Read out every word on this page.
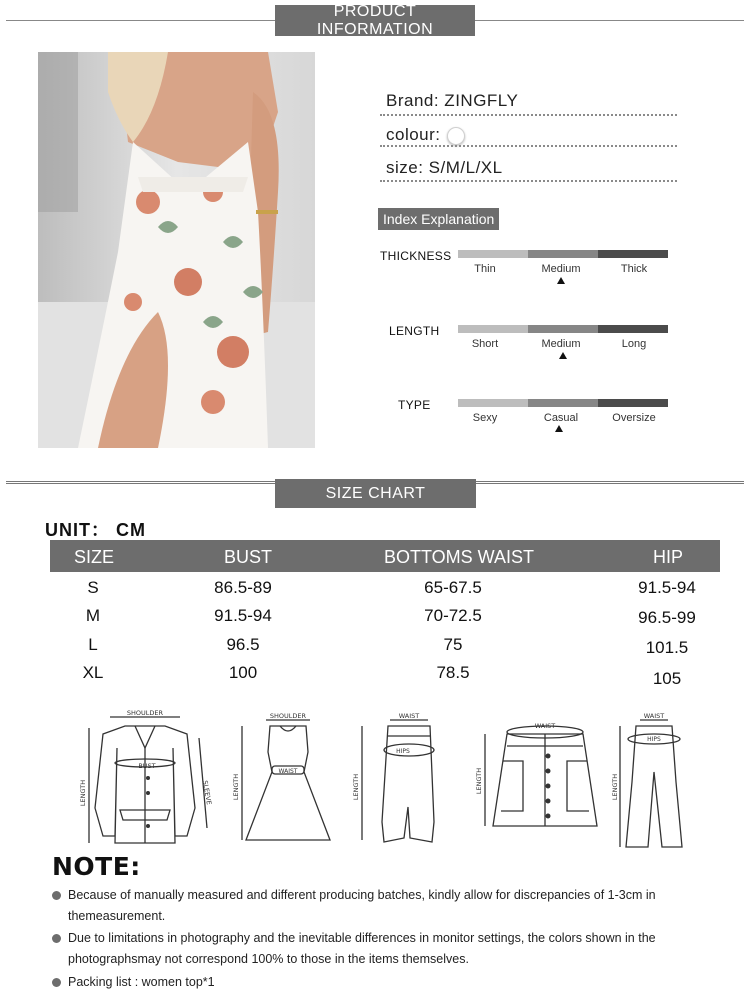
PRODUCT INFORMATION
Brand: ZINGFLY
colour:
size: S/M/L/XL
Index Explanation
THICKNESS
Thin	Medium	Thick
LENGTH
Short	Medium	Long
TYPE
Sexy	Casual	Oversize
SIZE CHART
UNIT： CM
SIZE	BUST	BOTTOMS WAIST	HIP
S	86.5-89	65-67.5	91.5-94
M	91.5-94	70-72.5	96.5-99
L	96.5	75	101.5
XL	100	78.5	105
SHOULDER
BUST
LENGTH	SLEEVE
SHOULDER
WAIST
LENGTH
WAIST
HIPS
LENGTH
WAIST
LENGTH
WAIST
HIPS
LENGTH
NOTE:
Because of manually measured and different producing batches, kindly allow for discrepancies of 1-3cm in themeasurement.
Due to limitations in photography and the inevitable differences in monitor settings, the colors shown in the photographsmay not correspond 100% to those in the items themselves.
Packing list : women top*1
